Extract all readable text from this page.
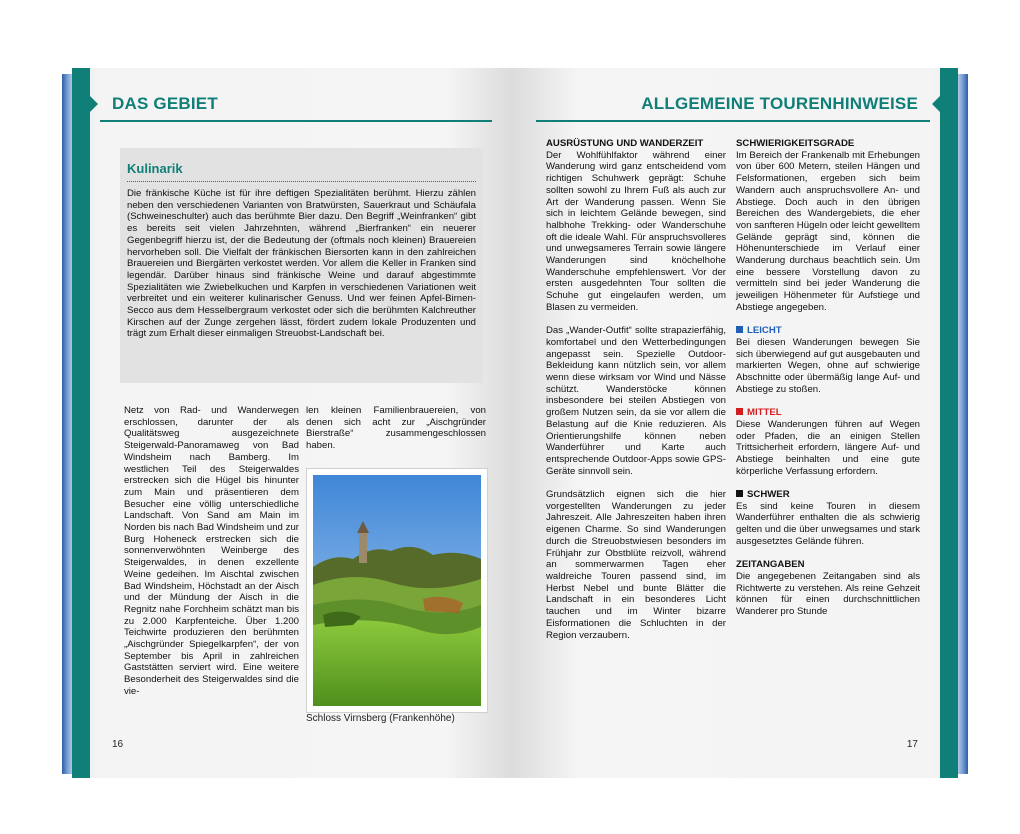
DAS GEBIET
Kulinarik

Die fränkische Küche ist für ihre deftigen Spezialitäten berühmt. Hierzu zählen neben den verschiedenen Varianten von Bratwürsten, Sauerkraut und Schäufala (Schweineschulter) auch das berühmte Bier dazu. Den Begriff „Weinfranken“ gibt es bereits seit vielen Jahrzehnten, während „Bierfranken“ ein neuerer Gegenbegriff hierzu ist, der die Bedeutung der (oftmals noch kleinen) Brauereien hervorheben soll. Die Vielfalt der fränkischen Biersorten kann in den zahlreichen Brauereien und Biergärten verkostet werden. Vor allem die Keller in Franken sind legendär. Darüber hinaus sind fränkische Weine und darauf abgestimmte Spezialitäten wie Zwiebelkuchen und Karpfen in verschiedenen Variationen weit verbreitet und ein weiterer kulinarischer Genuss. Und wer feinen Apfel-Birnen-Secco aus dem Hesselbergraum verkostet oder sich die berühmten Kalchreuther Kirschen auf der Zunge zergehen lässt, fördert zudem lokale Produzenten und trägt zum Erhalt dieser einmaligen Streuobst-Landschaft bei.

Netz von Rad- und Wanderwegen erschlossen, darunter der als Qualitätsweg ausgezeichnete Steigerwald-Panoramaweg von Bad Windsheim nach Bamberg. Im westlichen Teil des Steigerwaldes erstrecken sich die Hügel bis hinunter zum Main und präsentieren dem Besucher eine völlig unterschiedliche Landschaft. Von Sand am Main im Norden bis nach Bad Windsheim und zur Burg Hoheneck erstrecken sich die sonnenverwöhnten Weinberge des Steigerwaldes, in denen exzellente Weine gedeihen. Im Aischtal zwischen Bad Windsheim, Höchstadt an der Aisch und der Mündung der Aisch in die Regnitz nahe Forchheim schätzt man bis zu 2.000 Karpfenteiche. Über 1.200 Teichwirte produzieren den berühmten „Aischgründer Spiegelkarpfen“, der von September bis April in zahlreichen Gaststätten serviert wird. Eine weitere Besonderheit des Steigerwaldes sind die vie-

len kleinen Familienbrauereien, von denen sich acht zur „Aischgründer Bierstraße“ zusammengeschlossen haben.

Schloss Virnsberg (Frankenhöhe)
16
ALLGEMEINE TOURENHINWEISE
AUSRÜSTUNG UND WANDERZEIT

Der Wohlfühlfaktor während einer Wanderung wird ganz entscheidend vom richtigen Schuhwerk geprägt: Schuhe sollten sowohl zu Ihrem Fuß als auch zur Art der Wanderung passen. Wenn Sie sich in leichtem Gelände bewegen, sind halbhohe Trekking- oder Wanderschuhe oft die ideale Wahl. Für anspruchsvolleres und unwegsameres Terrain sowie längere Wanderungen sind knöchelhohe Wanderschuhe empfehlenswert. Vor der ersten ausgedehnten Tour sollten die Schuhe gut eingelaufen werden, um Blasen zu vermeiden.

Das „Wander-Outfit“ sollte strapazierfähig, komfortabel und den Wetterbedingungen angepasst sein. Spezielle Outdoor-Bekleidung kann nützlich sein, vor allem wenn diese wirksam vor Wind und Nässe schützt. Wanderstöcke können insbesondere bei steilen Abstiegen von großem Nutzen sein, da sie vor allem die Belastung auf die Knie reduzieren. Als Orientierungshilfe können neben Wanderführer und Karte auch entsprechende Outdoor-Apps sowie GPS-Geräte sinnvoll sein.

Grundsätzlich eignen sich die hier vorgestellten Wanderungen zu jeder Jahreszeit. Alle Jahreszeiten haben ihren eigenen Charme. So sind Wanderungen durch die Streuobstwiesen besonders im Frühjahr zur Obstblüte reizvoll, während an sommerwarmen Tagen eher waldreiche Touren passend sind, im Herbst Nebel und bunte Blätter die Landschaft in ein besonderes Licht tauchen und im Winter bizarre Eisformationen die Schluchten in der Region verzaubern.

SCHWIERIGKEITSGRADE

Im Bereich der Frankenalb mit Erhebungen von über 600 Metern, steilen Hängen und Felsformationen, ergeben sich beim Wandern auch anspruchsvollere An- und Abstiege. Doch auch in den übrigen Bereichen des Wandergebiets, die eher von sanfteren Hügeln oder leicht gewelltem Gelände geprägt sind, können die Höhenunterschiede im Verlauf einer Wanderung durchaus beachtlich sein. Um eine bessere Vorstellung davon zu vermitteln sind bei jeder Wanderung die jeweiligen Höhenmeter für Aufstiege und Abstiege angegeben.

LEICHT

Bei diesen Wanderungen bewegen Sie sich überwiegend auf gut ausgebauten und markierten Wegen, ohne auf schwierige Abschnitte oder übermäßig lange Auf- und Abstiege zu stoßen.

MITTEL

Diese Wanderungen führen auf Wegen oder Pfaden, die an einigen Stellen Trittsicherheit erfordern, längere Auf- und Abstiege beinhalten und eine gute körperliche Verfassung erfordern.

SCHWER

Es sind keine Touren in diesem Wanderführer enthalten die als schwierig gelten und die über unwegsames und stark ausgesetztes Gelände führen.

ZEITANGABEN

Die angegebenen Zeitangaben sind als Richtwerte zu verstehen. Als reine Gehzeit können für einen durchschnittlichen Wanderer pro Stunde

17
